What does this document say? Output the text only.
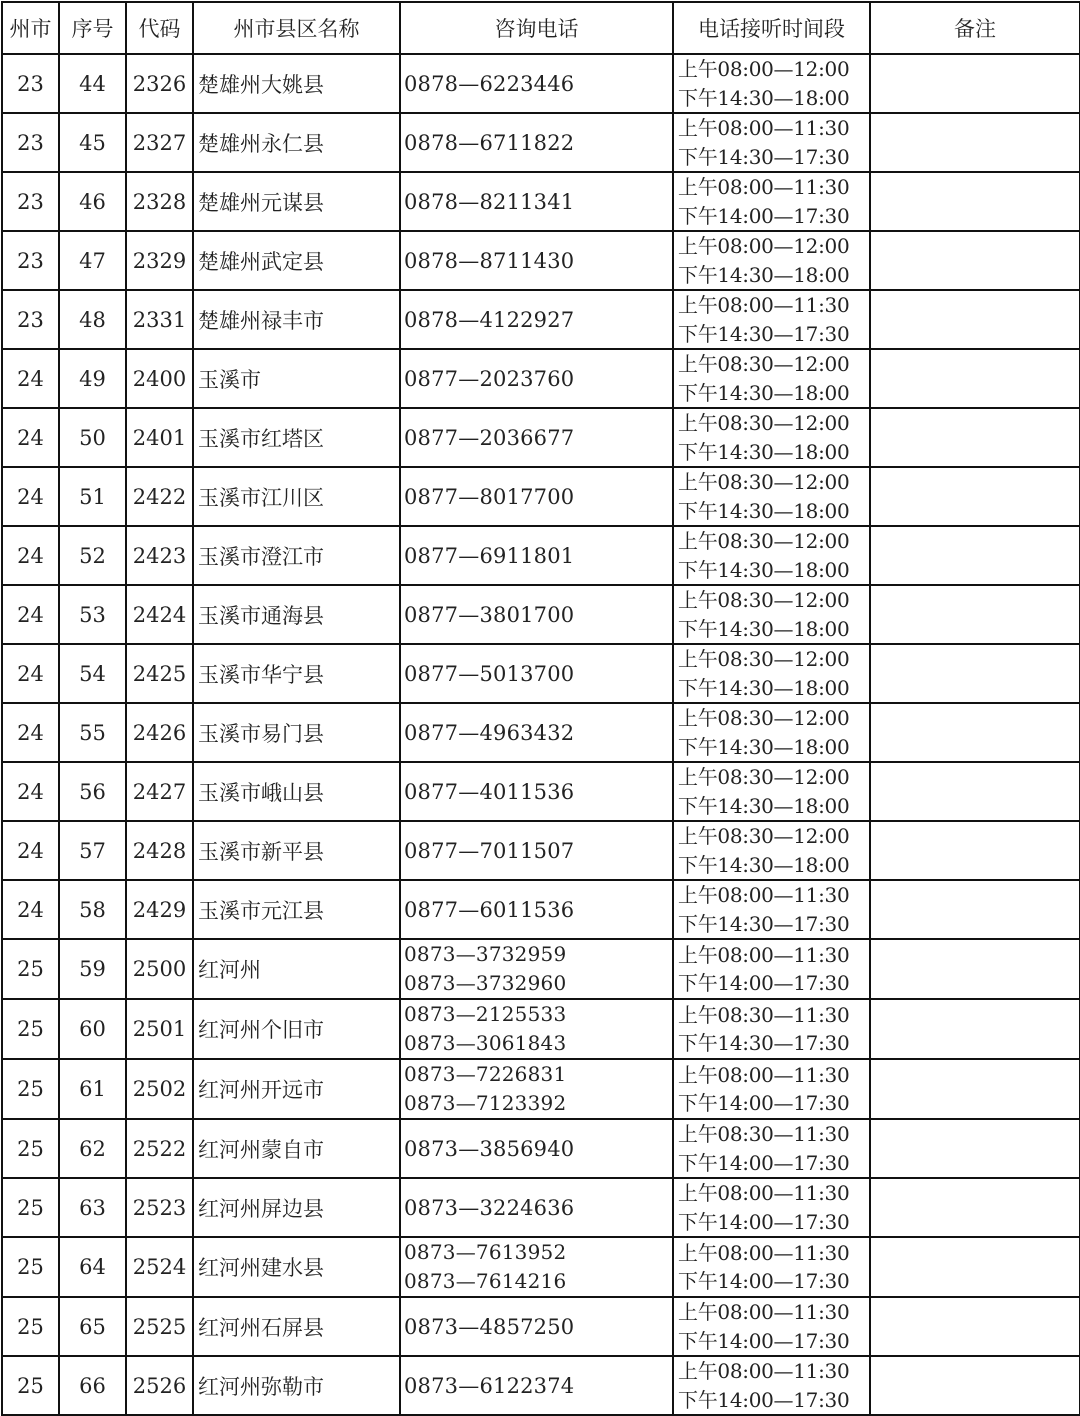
州市	序号	代码	州市县区名称	咨询电话	电话接听时间段	备注
23	44	2326	楚雄州大姚县	0878—6223446	上午08:00—12:00
下午14:30—18:00	

23	45	2327	楚雄州永仁县	0878—6711822	上午08:00—11:30
下午14:30—17:30	

23	46	2328	楚雄州元谋县	0878—8211341	上午08:00—11:30
下午14:00—17:30	

23	47	2329	楚雄州武定县	0878—8711430	上午08:00—12:00
下午14:30—18:00	

23	48	2331	楚雄州禄丰市	0878—4122927	上午08:00—11:30
下午14:30—17:30	

24	49	2400	玉溪市	0877—2023760	上午08:30—12:00
下午14:30—18:00	

24	50	2401	玉溪市红塔区	0877—2036677	上午08:30—12:00
下午14:30—18:00	

24	51	2422	玉溪市江川区	0877—8017700	上午08:30—12:00
下午14:30—18:00	

24	52	2423	玉溪市澄江市	0877—6911801	上午08:30—12:00
下午14:30—18:00	

24	53	2424	玉溪市通海县	0877—3801700	上午08:30—12:00
下午14:30—18:00	

24	54	2425	玉溪市华宁县	0877—5013700	上午08:30—12:00
下午14:30—18:00	

24	55	2426	玉溪市易门县	0877—4963432	上午08:30—12:00
下午14:30—18:00	

24	56	2427	玉溪市峨山县	0877—4011536	上午08:30—12:00
下午14:30—18:00	

24	57	2428	玉溪市新平县	0877—7011507	上午08:30—12:00
下午14:30—18:00	

24	58	2429	玉溪市元江县	0877—6011536	上午08:00—11:30
下午14:30—17:30	

25	59	2500	红河州	0873—3732959
0873—3732960	上午08:00—11:30
下午14:00—17:30	

25	60	2501	红河州个旧市	0873—2125533
0873—3061843	上午08:30—11:30
下午14:30—17:30	

25	61	2502	红河州开远市	0873—7226831
0873—7123392	上午08:00—11:30
下午14:00—17:30	

25	62	2522	红河州蒙自市	0873—3856940	上午08:30—11:30
下午14:00—17:30	

25	63	2523	红河州屏边县	0873—3224636	上午08:00—11:30
下午14:00—17:30	

25	64	2524	红河州建水县	0873—7613952
0873—7614216	上午08:00—11:30
下午14:00—17:30	

25	65	2525	红河州石屏县	0873—4857250	上午08:00—11:30
下午14:00—17:30	

25	66	2526	红河州弥勒市	0873—6122374	上午08:00—11:30
下午14:00—17:30	
